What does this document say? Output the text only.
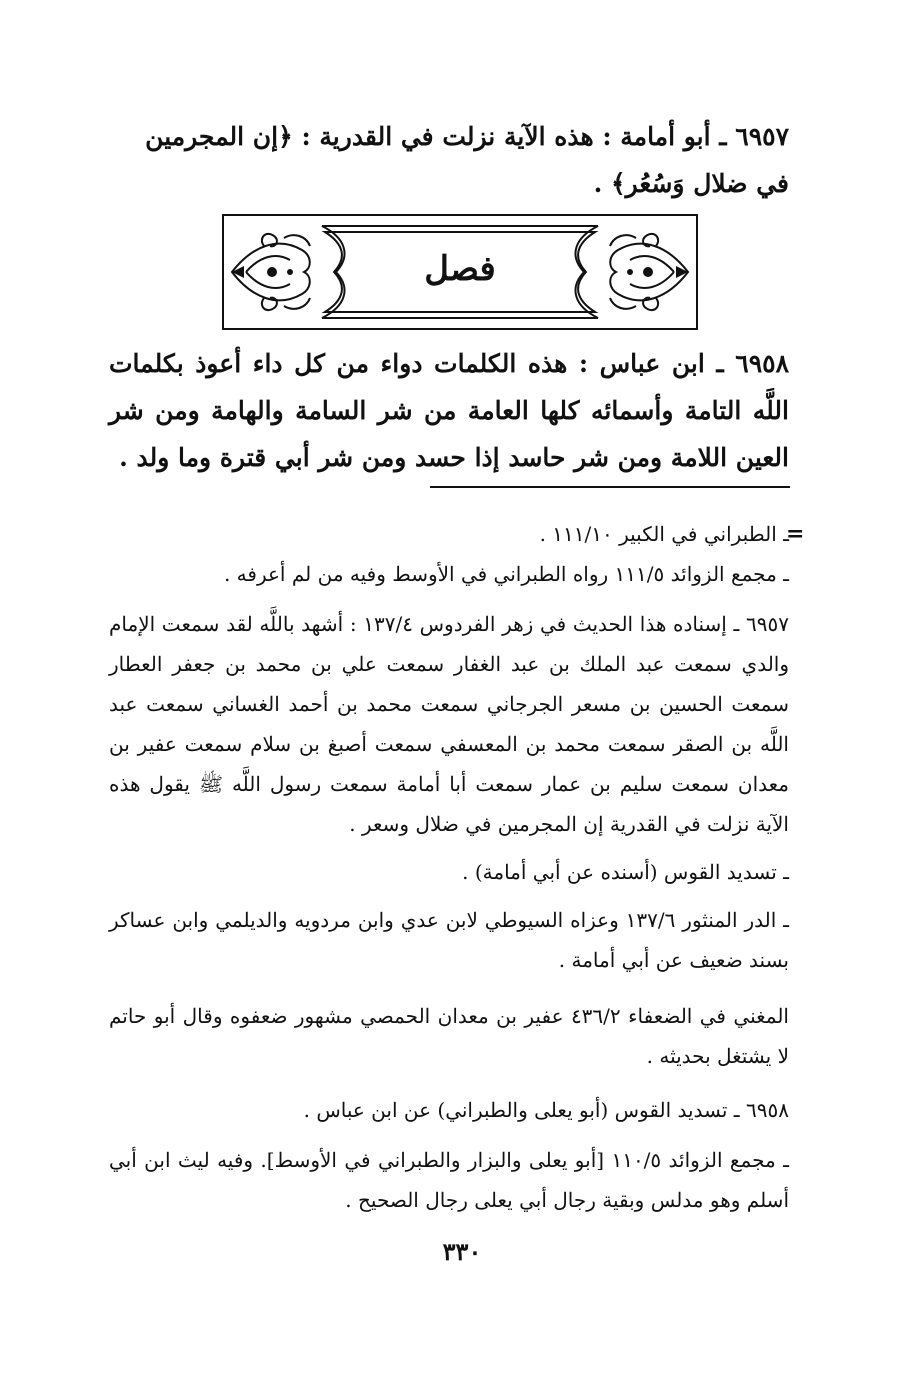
٦٩٥٧ ـ أبو أمامة : هذه الآية نزلت في القدرية : ﴿إن المجرمين في ضلال وَسُعُر﴾ .
فصل
٦٩٥٨ ـ ابن عباس : هذه الكلمات دواء من كل داء أعوذ بكلمات اللَّه التامة وأسمائه كلها العامة من شر السامة والهامة ومن شر العين اللامة ومن شر حاسد إذا حسد ومن شر أبي قترة وما ولد .
=
ـ الطبراني في الكبير ١١١/١٠ .
ـ مجمع الزوائد ١١١/٥ رواه الطبراني في الأوسط وفيه من لم أعرفه .
٦٩٥٧ ـ إسناده هذا الحديث في زهر الفردوس ١٣٧/٤ : أشهد باللَّه لقد سمعت الإمام والدي سمعت عبد الملك بن عبد الغفار سمعت علي بن محمد بن جعفر العطار سمعت الحسين بن مسعر الجرجاني سمعت محمد بن أحمد الغساني سمعت عبد اللَّه بن الصقر سمعت محمد بن المعسفي سمعت أصبغ بن سلام سمعت عفير بن معدان سمعت سليم بن عمار سمعت أبا أمامة سمعت رسول اللَّه ﷺ يقول هذه الآية نزلت في القدرية إن المجرمين في ضلال وسعر .
ـ تسديد القوس (أسنده عن أبي أمامة) .
ـ الدر المنثور ١٣٧/٦ وعزاه السيوطي لابن عدي وابن مردويه والديلمي وابن عساكر بسند ضعيف عن أبي أمامة .
المغني في الضعفاء ٤٣٦/٢ عفير بن معدان الحمصي مشهور ضعفوه وقال أبو حاتم لا يشتغل بحديثه .
٦٩٥٨ ـ تسديد القوس (أبو يعلى والطبراني) عن ابن عباس .
ـ مجمع الزوائد ١١٠/٥ [أبو يعلى والبزار والطبراني في الأوسط]. وفيه ليث ابن أبي أسلم وهو مدلس وبقية رجال أبي يعلى رجال الصحيح .
٣٣٠
